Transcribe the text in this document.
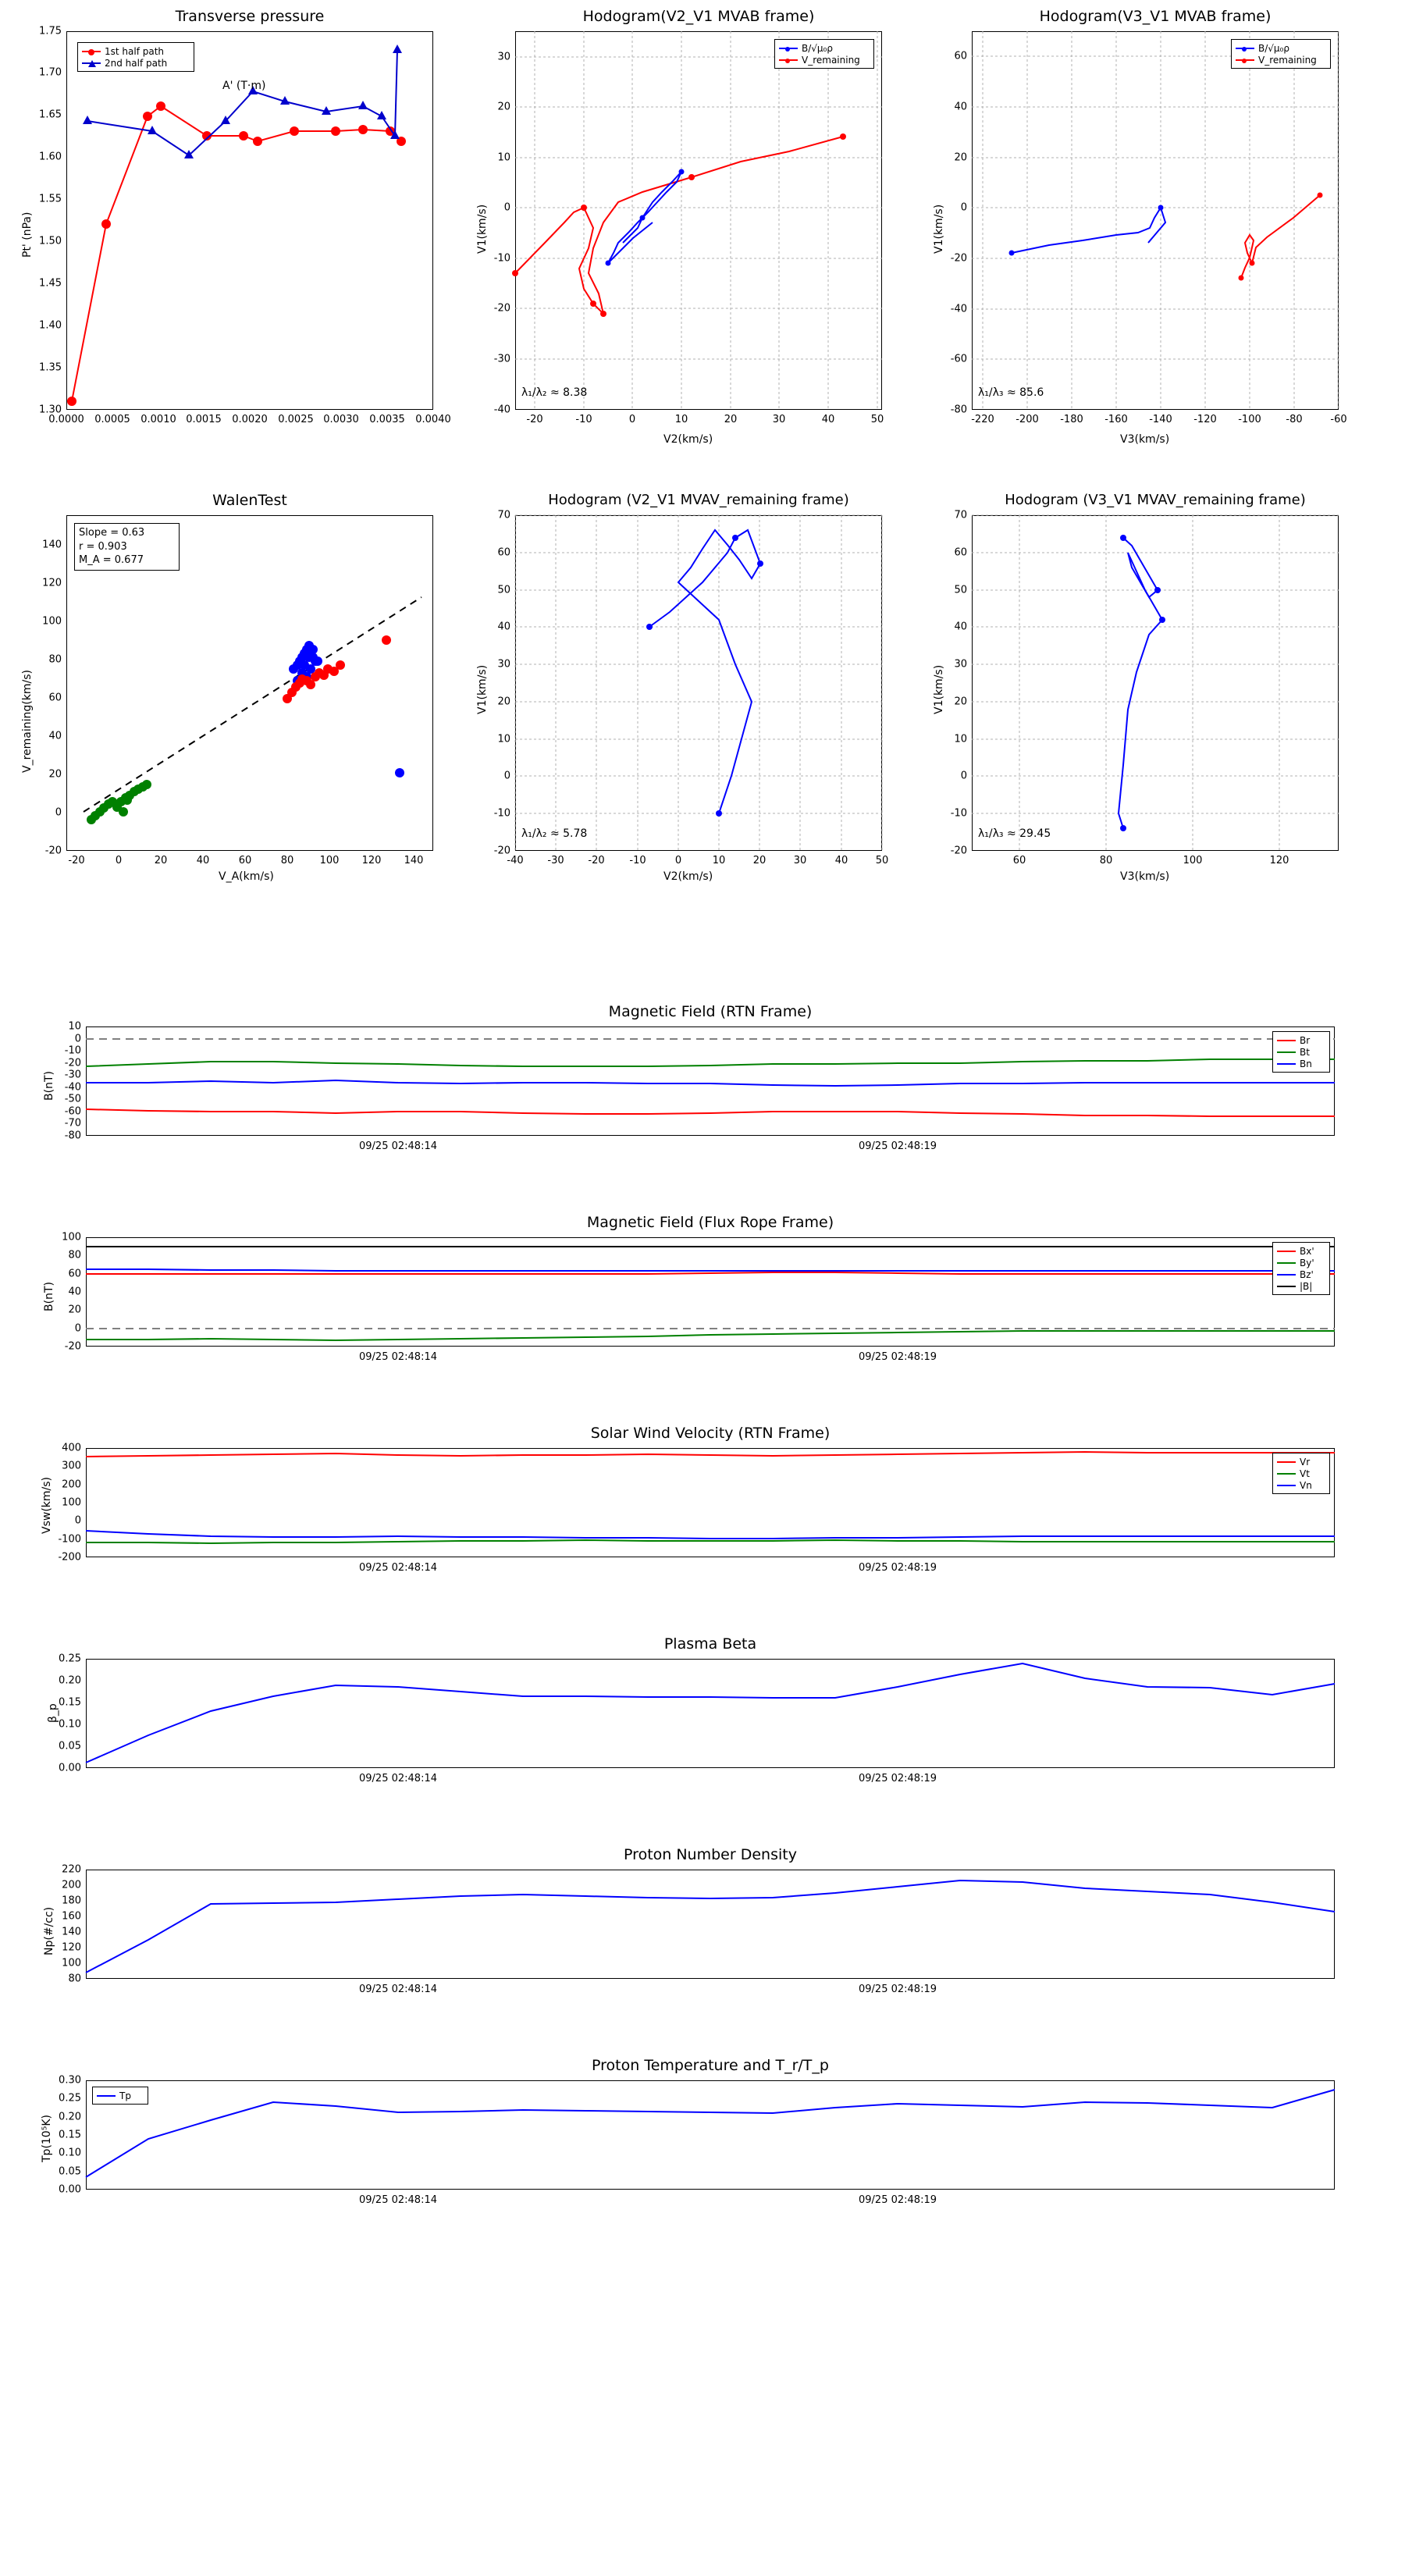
Transverse pressure
1st half path
2nd half path
Pt' (nPa)
A' (T·m)
1.30
1.35
1.40
1.45
1.50
1.55
1.60
1.65
1.70
1.75
0.0000 0.0005 0.0010 0.0015 0.0020 0.0025 0.0030 0.0035 0.0040
Hodogram(V2_V1 MVAB frame)
B/√μ₀ρ
V_remaining
λ₁/λ₂ ≈ 8.38
V1(km/s)
V2(km/s)
-40
-30
-20
-10
0
10
20
30
-20	-10	0	10	20	30	40	50
Hodogram(V3_V1 MVAB frame)
B/√μ₀ρ
V_remaining
λ₁/λ₃ ≈ 85.6
V1(km/s)
V3(km/s)
-80
-60
-40
-20
0
20
40
60
-220 -200 -180 -160 -140 -120 -100 -80	-60
WalenTest
Slope = 0.63
r = 0.903
M_A = 0.677
V_remaining(km/s)
V_A(km/s)
-20
0
20
40
60
80
100
120
140
-20	0	20	40	60	80	100 120 140
Hodogram (V2_V1 MVAV_remaining frame)
λ₁/λ₂ ≈ 5.78
V1(km/s)
V2(km/s)
-20
-10
0
10
20
30
40
50
60
70
-40 -30 -20 -10	0	10	20	30	40	50
Hodogram (V3_V1 MVAV_remaining frame)
λ₁/λ₃ ≈ 29.45
V1(km/s)
V3(km/s)
-20
-10
0
10
20
30
40
50
60
70
60	80	100	120
Magnetic Field (RTN Frame)
Br
Bt
Bn
B(nT)
-80
-70
-60
-50
-40
-30
-20
-10
0
10
09/25 02:48:14	09/25 02:48:19
Magnetic Field (Flux Rope Frame)
Bx'
By'
Bz'
|B|
B(nT)
-20
0
20
40
60
80
100
09/25 02:48:14	09/25 02:48:19
Solar Wind Velocity (RTN Frame)
Vr
Vt
Vn
Vsw(km/s)
-200
-100
0
100
200
300
400
09/25 02:48:14	09/25 02:48:19
Plasma Beta
β_p
0.00
0.05
0.10
0.15
0.20
0.25
09/25 02:48:14	09/25 02:48:19
Proton Number Density
Np(#/cc)
80
100
120
140
160
180
200
220
09/25 02:48:14	09/25 02:48:19
Proton Temperature and T_r/T_p
Tp
Tp(10⁵K)
0.00
0.05
0.10
0.15
0.20
0.25
0.30
09/25 02:48:14	09/25 02:48:19
